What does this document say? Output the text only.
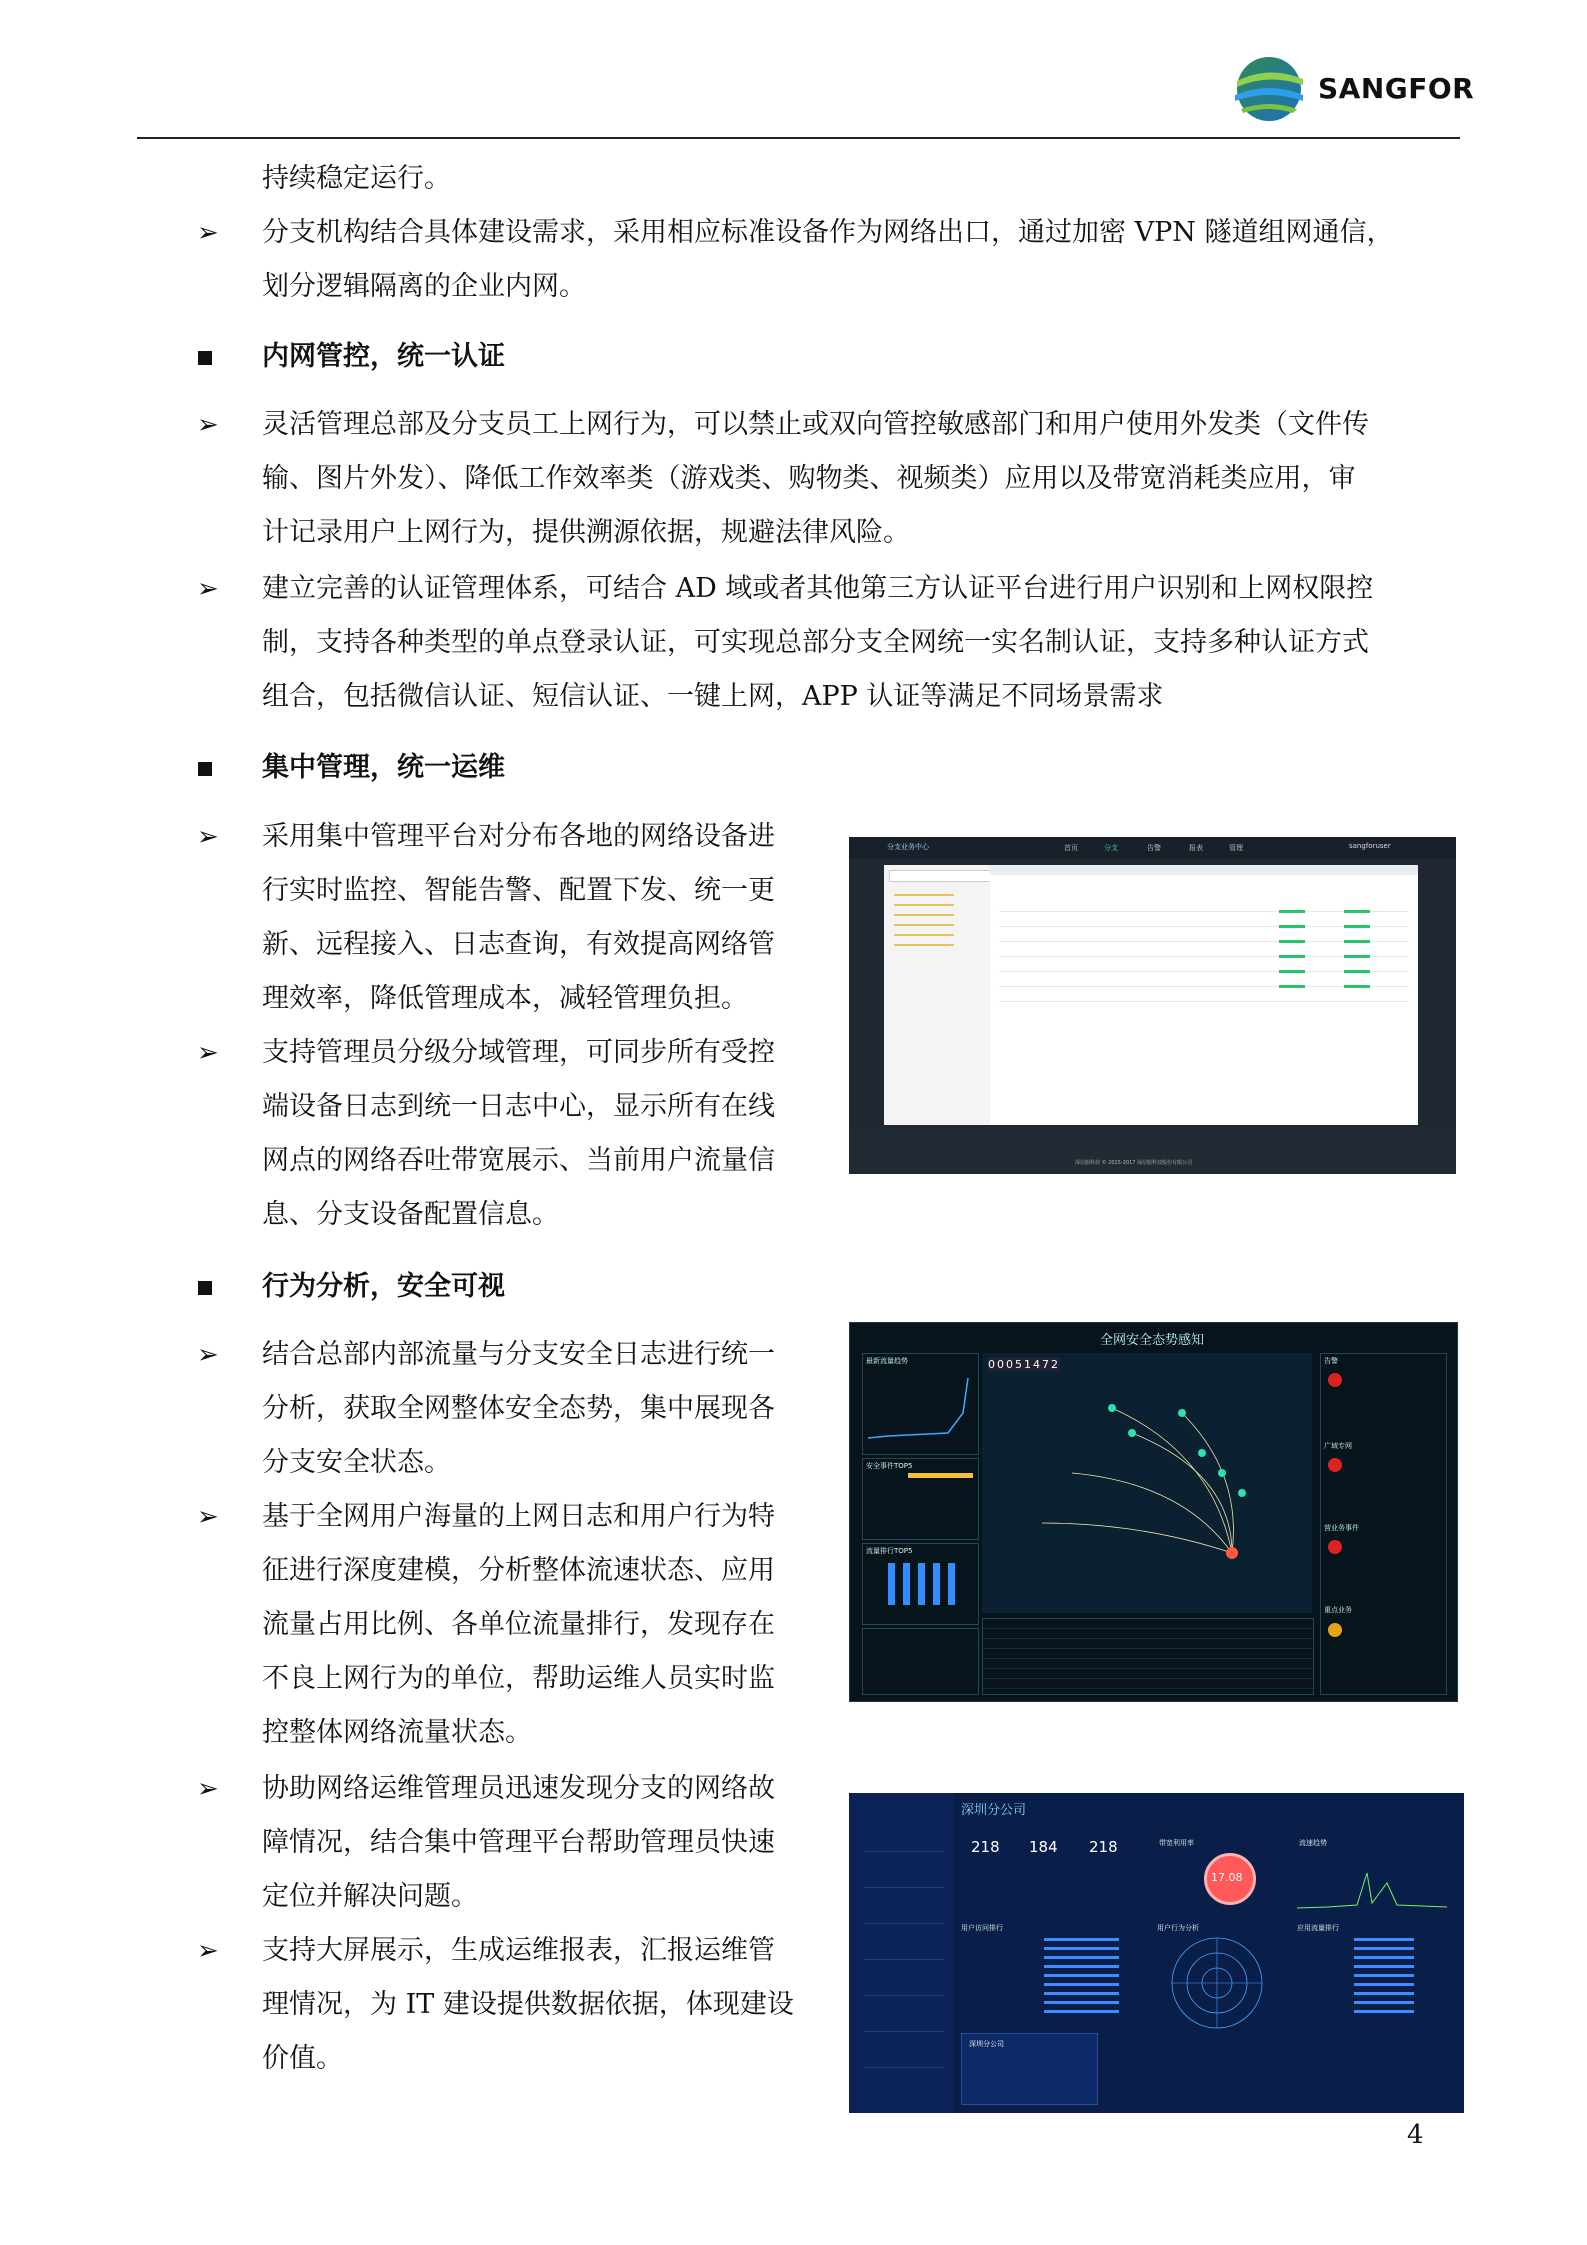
SANGFOR
持续稳定运行。
➢ 分支机构结合具体建设需求，采用相应标准设备作为网络出口，通过加密 VPN 隧道组网通信，
划分逻辑隔离的企业内网。
内网管控，统一认证
➢ 灵活管理总部及分支员工上网行为，可以禁止或双向管控敏感部门和用户使用外发类（文件传
输、图片外发）、降低工作效率类（游戏类、购物类、视频类）应用以及带宽消耗类应用，审
计记录用户上网行为，提供溯源依据，规避法律风险。
➢ 建立完善的认证管理体系，可结合 AD 域或者其他第三方认证平台进行用户识别和上网权限控
制，支持各种类型的单点登录认证，可实现总部分支全网统一实名制认证，支持多种认证方式
组合，包括微信认证、短信认证、一键上网，APP 认证等满足不同场景需求
集中管理，统一运维
➢ 采用集中管理平台对分布各地的网络设备进
行实时监控、智能告警、配置下发、统一更
新、远程接入、日志查询，有效提高网络管
理效率，降低管理成本，减轻管理负担。
➢ 支持管理员分级分域管理，可同步所有受控
端设备日志到统一日志中心，显示所有在线
网点的网络吞吐带宽展示、当前用户流量信
息、分支设备配置信息。
分支业务中心	首页	分支	告警	报表	管理	sangforuser
深信服科技 © 2015-2017 深信服科技股份有限公司
行为分析，安全可视
➢ 结合总部内部流量与分支安全日志进行统一
分析，获取全网整体安全态势，集中展现各
分支安全状态。
➢ 基于全网用户海量的上网日志和用户行为特
征进行深度建模，分析整体流速状态、应用
流量占用比例、各单位流量排行，发现存在
不良上网行为的单位，帮助运维人员实时监
控整体网络流量状态。
➢ 协助网络运维管理员迅速发现分支的网络故
障情况，结合集中管理平台帮助管理员快速
定位并解决问题。
➢ 支持大屏展示，生成运维报表，汇报运维管
理情况，为 IT 建设提供数据依据，体现建设
价值。
全网安全态势感知
最新流量趋势
安全事件TOP5
流量排行TOP5
00051472	告警
广域专网
营业务事件
重点业务
深圳分公司
218 184 218	带宽利用率
17.08
流速趋势
用户访问排行	用户行为分析	应用流量排行
深圳分公司
4
